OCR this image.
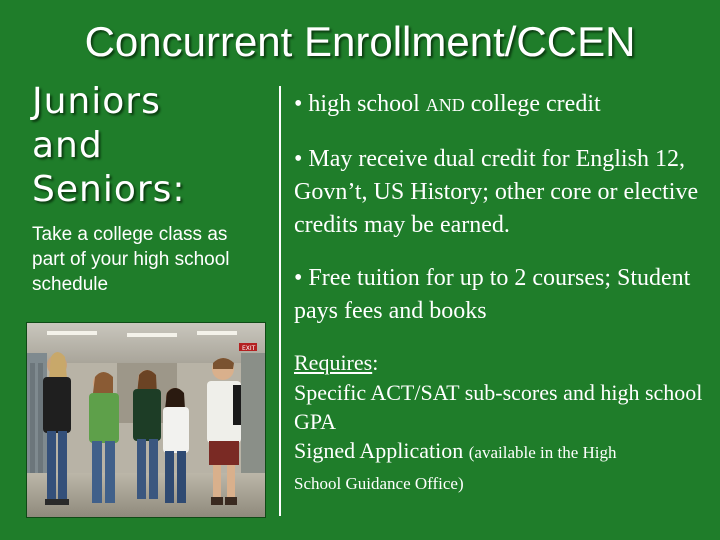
Concurrent Enrollment/CCEN
Juniors
and
Seniors:
Take a college class as part of your high school schedule
EXIT
• high school AND college credit
• May receive dual credit for English 12, Govn’t, US History; other core or elective credits may be earned.
• Free tuition for up to 2 courses; Student pays fees and books
Requires:
Specific ACT/SAT sub-scores and high school GPA
Signed Application (available in the High
School Guidance Office)
